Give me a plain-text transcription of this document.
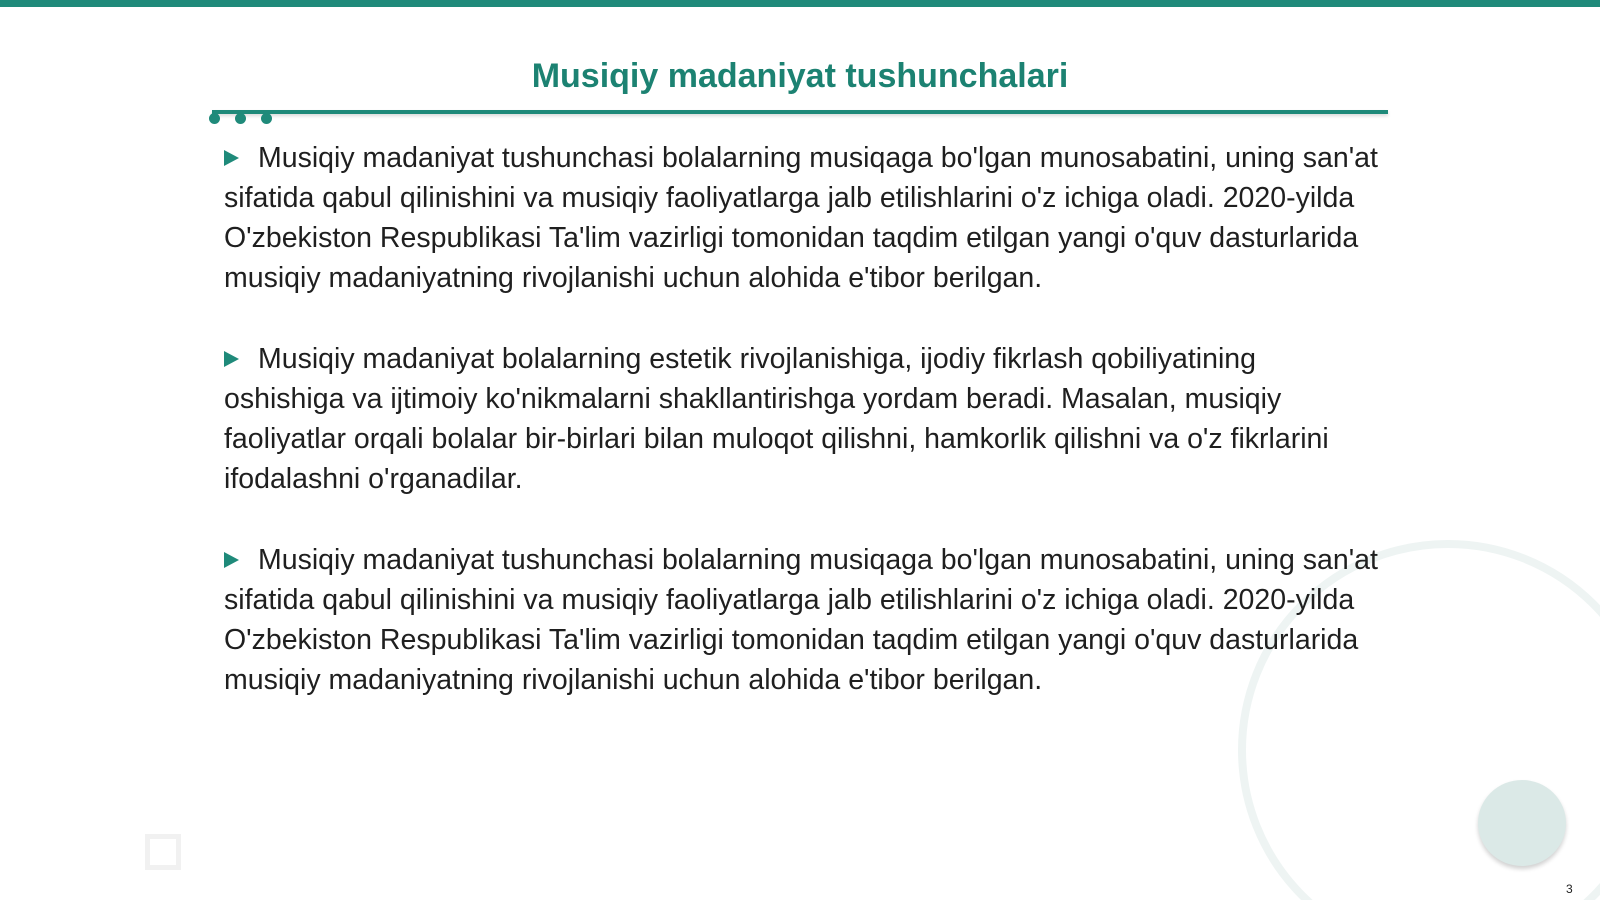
Musiqiy madaniyat tushunchalari
Musiqiy madaniyat tushunchasi bolalarning musiqaga bo'lgan munosabatini, uning san'at sifatida qabul qilinishini va musiqiy faoliyatlarga jalb etilishlarini o'z ichiga oladi. 2020-yilda O'zbekiston Respublikasi Ta'lim vazirligi tomonidan taqdim etilgan yangi o'quv dasturlarida musiqiy madaniyatning rivojlanishi uchun alohida e'tibor berilgan.
Musiqiy madaniyat bolalarning estetik rivojlanishiga, ijodiy fikrlash qobiliyatining oshishiga va ijtimoiy ko'nikmalarni shakllantirishga yordam beradi. Masalan, musiqiy faoliyatlar orqali bolalar bir-birlari bilan muloqot qilishni, hamkorlik qilishni va o'z fikrlarini ifodalashni o'rganadilar.
Musiqiy madaniyat tushunchasi bolalarning musiqaga bo'lgan munosabatini, uning san'at sifatida qabul qilinishini va musiqiy faoliyatlarga jalb etilishlarini o'z ichiga oladi. 2020-yilda O'zbekiston Respublikasi Ta'lim vazirligi tomonidan taqdim etilgan yangi o'quv dasturlarida musiqiy madaniyatning rivojlanishi uchun alohida e'tibor berilgan.
3
